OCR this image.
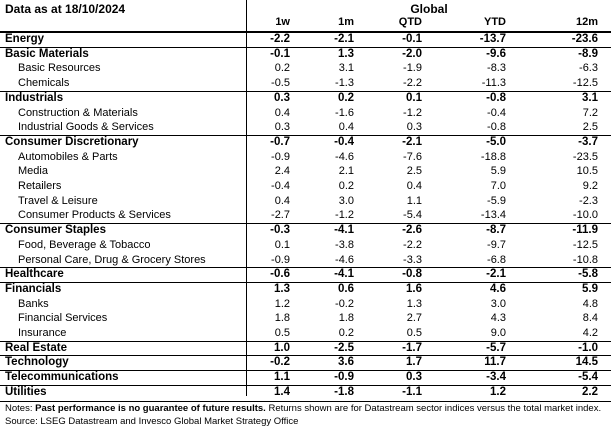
Data as at 18/10/2024	Global
1w	1m	QTD	YTD	12m
Energy	-2.2	-2.1	-0.1	-13.7	-23.6
Basic Materials	-0.1	1.3	-2.0	-9.6	-8.9
Basic Resources	0.2	3.1	-1.9	-8.3	-6.3
Chemicals	-0.5	-1.3	-2.2	-11.3	-12.5
Industrials	0.3	0.2	0.1	-0.8	3.1
Construction & Materials	0.4	-1.6	-1.2	-0.4	7.2
Industrial Goods & Services	0.3	0.4	0.3	-0.8	2.5
Consumer Discretionary	-0.7	-0.4	-2.1	-5.0	-3.7
Automobiles & Parts	-0.9	-4.6	-7.6	-18.8	-23.5
Media	2.4	2.1	2.5	5.9	10.5
Retailers	-0.4	0.2	0.4	7.0	9.2
Travel & Leisure	0.4	3.0	1.1	-5.9	-2.3
Consumer Products & Services	-2.7	-1.2	-5.4	-13.4	-10.0
Consumer Staples	-0.3	-4.1	-2.6	-8.7	-11.9
Food, Beverage & Tobacco	0.1	-3.8	-2.2	-9.7	-12.5
Personal Care, Drug & Grocery Stores	-0.9	-4.6	-3.3	-6.8	-10.8
Healthcare	-0.6	-4.1	-0.8	-2.1	-5.8
Financials	1.3	0.6	1.6	4.6	5.9
Banks	1.2	-0.2	1.3	3.0	4.8
Financial Services	1.8	1.8	2.7	4.3	8.4
Insurance	0.5	0.2	0.5	9.0	4.2
Real Estate	1.0	-2.5	-1.7	-5.7	-1.0
Technology	-0.2	3.6	1.7	11.7	14.5
Telecommunications	1.1	-0.9	0.3	-3.4	-5.4
Utilities	1.4	-1.8	-1.1	1.2	2.2
Notes: Past performance is no guarantee of future results. Returns shown are for Datastream sector indices versus the total market index. Source: LSEG Datastream and Invesco Global Market Strategy Office
